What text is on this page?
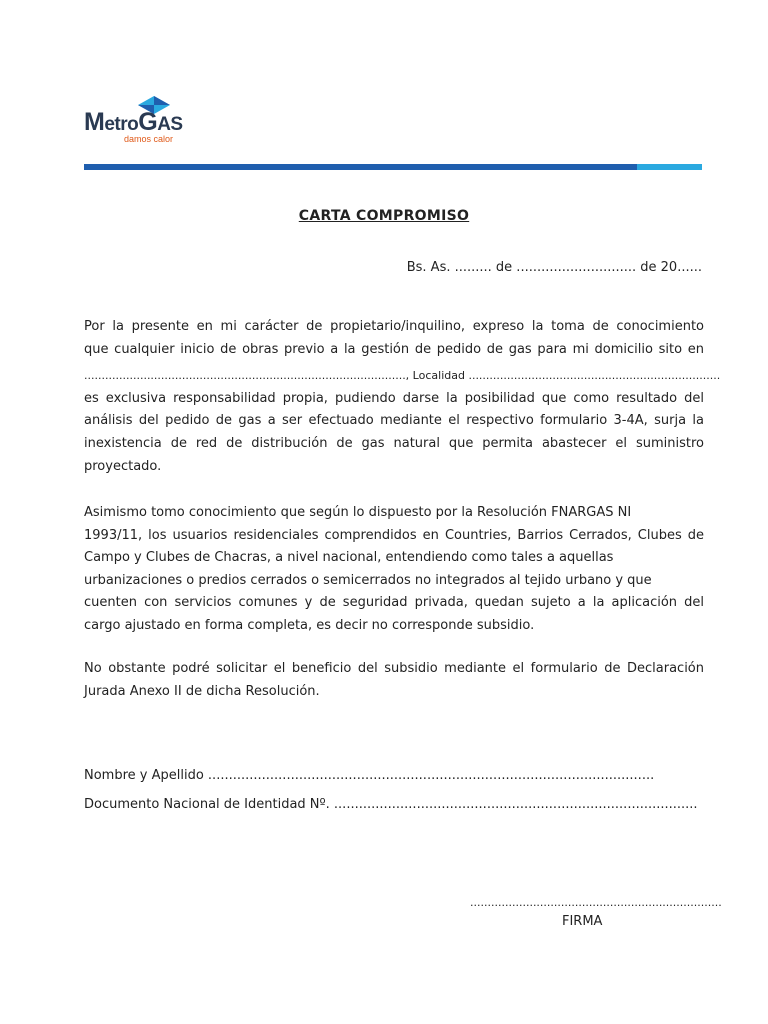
MetroGAS
damos calor
CARTA COMPROMISO
Bs. As. ......... de ............................. de 20......
Por la presente en mi carácter de propietario/inquilino, expreso la toma de conocimiento
que cualquier inicio de obras previo a la gestión de pedido de gas para mi domicilio sito en
............................................................................................, Localidad ........................................................................
es exclusiva responsabilidad propia, pudiendo darse la posibilidad que como resultado del
análisis del pedido de gas a ser efectuado mediante el respectivo formulario 3-4A, surja la
inexistencia de red de distribución de gas natural que permita abastecer el suministro
proyectado.
Asimismo tomo conocimiento que según lo dispuesto por la Resolución FNARGAS NI
1993/11, los usuarios residenciales comprendidos en Countries, Barrios Cerrados, Clubes de
Campo y Clubes de Chacras, a nivel nacional, entendiendo como tales a aquellas
urbanizaciones o predios cerrados o semicerrados no integrados al tejido urbano y que
cuenten con servicios comunes y de seguridad privada, quedan sujeto a la aplicación del
cargo ajustado en forma completa, es decir no corresponde subsidio.
No obstante podré solicitar el beneficio del subsidio mediante el formulario de Declaración
Jurada Anexo II de dicha Resolución.
Nombre y Apellido ............................................................................................................
Documento Nacional de Identidad Nº. ........................................................................................
........................................................................
FIRMA
